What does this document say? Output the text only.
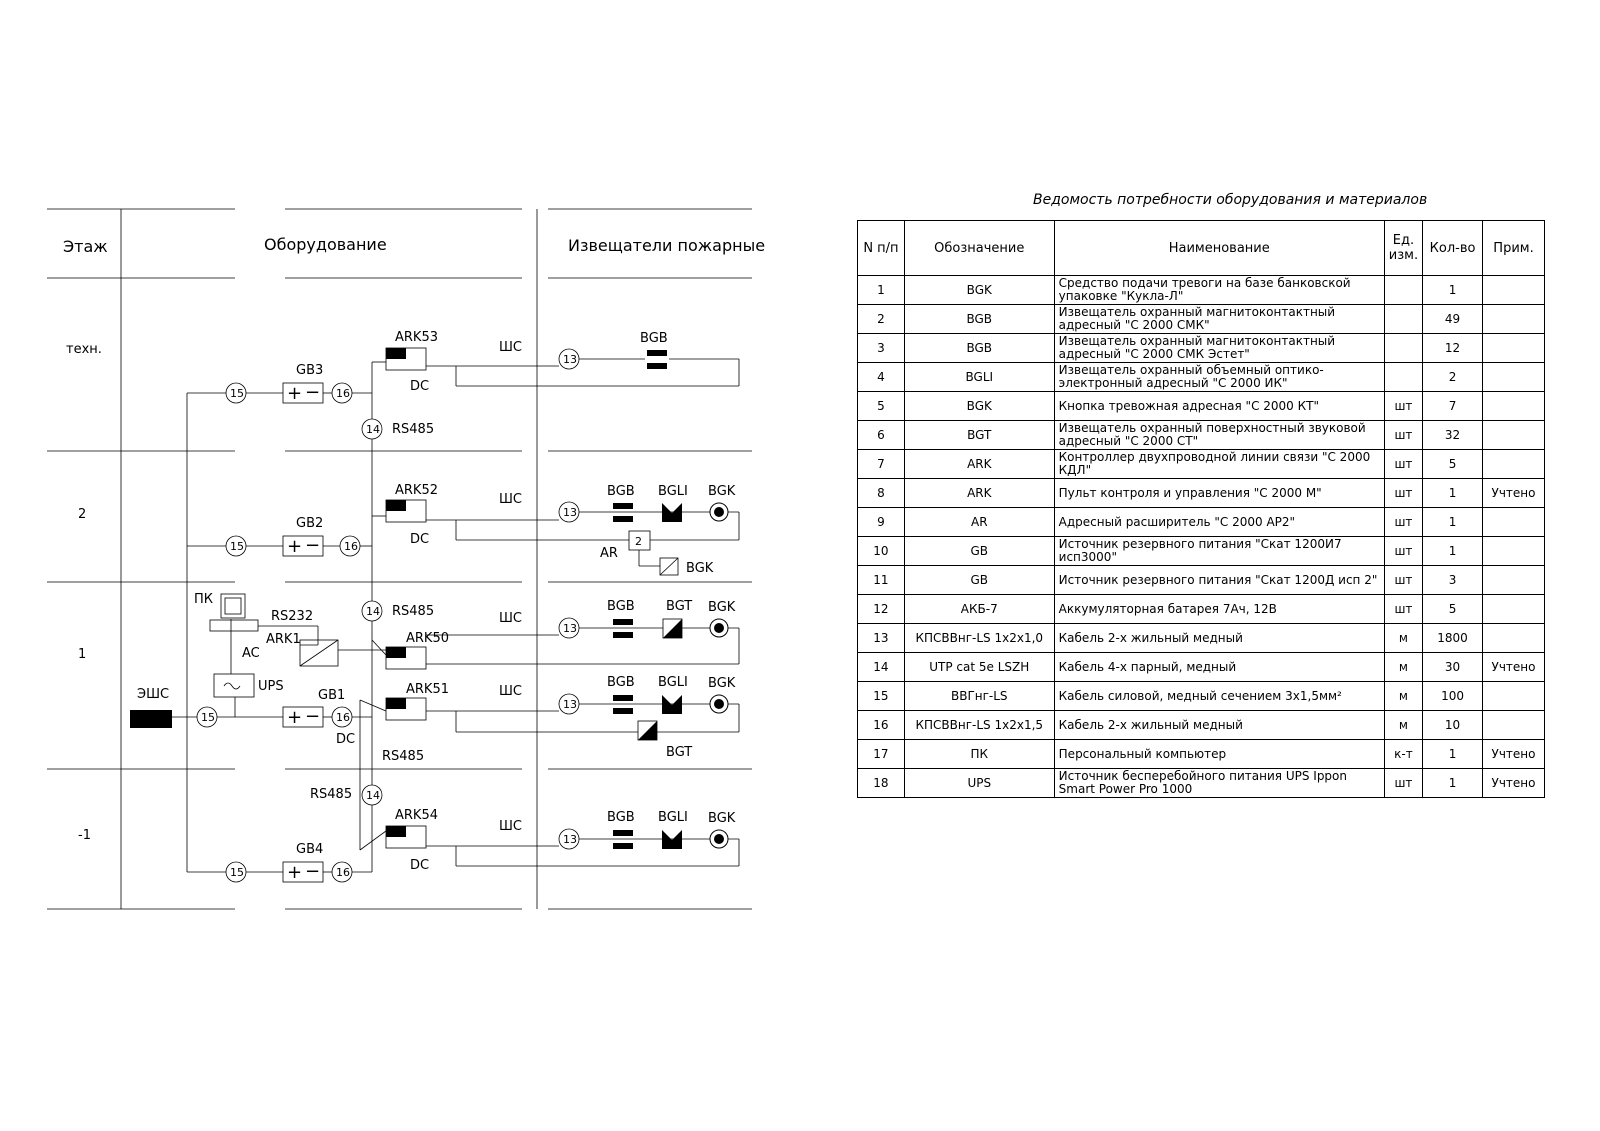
Этаж	Оборудование	Извещатели пожарные
техн.
2
1
-1
+ −
+ −
+ −
+ −
2
15	16
13
14
15	16
13
14
13
15	16
13
14
13
15	16
ARK53
ARK52
ARK50
ARK51
ARK54
ARK1
GB3
GB2
GB1
GB4
DC
DC
DC
DC
ШС
ШС
ШС
ШС
ШС
RS485
RS485
RS485
RS485
RS232
ПК
AC
UPS
ЭШС
AR
BGK
BGB
BGB BGLI BGK
BGB BGT BGK
BGB BGLI BGK
BGT
BGB BGLI BGK
Ведомость потребности оборудования и материалов
N п/п	Обозначение	Наименование	Ед. изм.	Кол-во	Прим.
1	BGK	Средство подачи тревоги на базе банковской упаковке "Кукла-Л"		1	
2	BGB	Извещатель охранный магнитоконтактный адресный "С 2000 СМК"		49	
3	BGB	Извещатель охранный магнитоконтактный адресный "С 2000 СМК Эстет"		12	
4	BGLI	Извещатель охранный объемный оптико-электронный адресный "С 2000 ИК"		2	
5	BGK	Кнопка тревожная адресная "С 2000 КТ"	шт	7	
6	BGT	Извещатель охранный поверхностный звуковой адресный "С 2000 СТ"	шт	32	
7	ARK	Контроллер двухпроводной линии связи "С 2000 КДЛ"	шт	5	
8	ARK	Пульт контроля и управления "С 2000 М"	шт	1	Учтено
9	AR	Адресный расширитель "С 2000 АР2"	шт	1	
10	GB	Источник резервного питания "Скат 1200И7 исп3000"	шт	1	
11	GB	Источник резервного питания "Скат 1200Д исп 2"	шт	3	
12	АКБ-7	Аккумуляторная батарея 7Ач, 12В	шт	5	
13	КПСВВнг-LS 1х2х1,0	Кабель 2-х жильный медный	м	1800	
14	UTP cat 5e LSZH	Кабель 4-х парный, медный	м	30	Учтено
15	ВВГнг-LS	Кабель силовой, медный сечением 3х1,5мм²	м	100	
16	КПСВВнг-LS 1х2х1,5	Кабель 2-х жильный медный	м	10	
17	ПК	Персональный компьютер	к-т	1	Учтено
18	UPS	Источник бесперебойного питания UPS Ippon Smart Power Pro 1000	шт	1	Учтено
